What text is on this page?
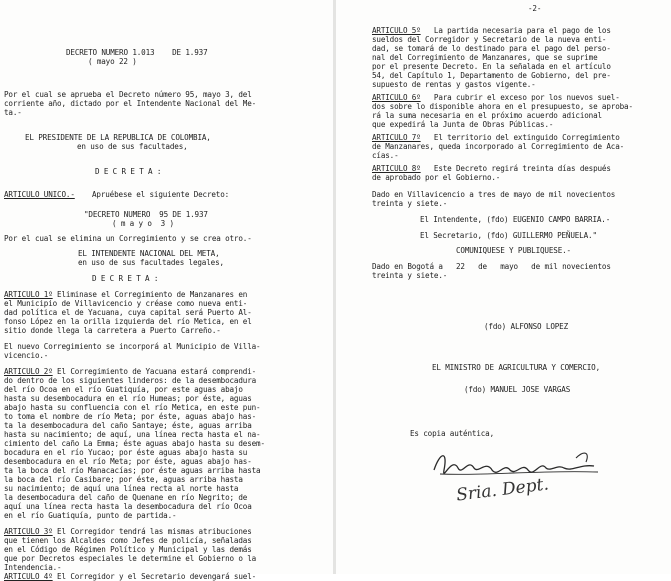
DECRETO NUMERO 1.013    DE 1.937
( mayo 22 )
Por el cual se aprueba el Decreto número 95, mayo 3, del
corriente año, dictado por el Intendente Nacional del Me-
ta.-
EL PRESIDENTE DE LA REPUBLICA DE COLOMBIA,
en uso de sus facultades,
D E C R E T A :
ARTICULO UNICO.- Apruébese el siguiente Decreto:
"DECRETO NUMERO  95 DE 1.937
( m a y o  3 )
Por el cual se elimina un Corregimiento y se crea otro.-
EL INTENDENTE NACIONAL DEL META,
en uso de sus facultades legales,
D E C R E T A :
ARTICULO 1º Eliminase el Corregimiento de Manzanares en
el Municipio de Villavicencio y créase como nueva enti-
dad política el de Yacuana, cuya capital será Puerto Al-
fonso López en la orilla izquierda del río Metica, en el
sitio donde llega la carretera a Puerto Carreño.-
El nuevo Corregimiento se incorporá al Municipio de Villa-
vicencio.-
ARTICULO 2º El Corregimiento de Yacuana estará comprendi-
do dentro de los siguientes linderos: de la desembocadura
del río Ocoa en el río Guatiquía, por este aguas abajo
hasta su desembocadura en el río Humeas; por éste, aguas
abajo hasta su confluencia con el río Metica, en este pun-
to toma el nombre de río Meta; por éste, aguas abajo has-
ta la desembocadura del caño Santaye; éste, aguas arriba
hasta su nacimiento; de aquí, una línea recta hasta el na-
cimiento del caño La Emma; éste aguas abajo hasta su desem-
bocadura en el río Yucao; por éste aguas abajo hasta su
desembocadura en el río Meta; por éste, aguas abajo has-
ta la boca del río Manacacías; por éste aguas arriba hasta
la boca del río Casibare; por éste, aguas arriba hasta
su nacimiento; de aquí una línea recta al norte hasta
la desembocadura del caño de Quenane en río Negrito; de
aquí una línea recta hasta la desembocadura del río Ocoa
en el río Guatiquía, punto de partida.-
ARTICULO 3º El Corregidor tendrá las mismas atribuciones
que tienen los Alcaldes como Jefes de policía, señaladas
en el Código de Régimen Político y Municipal y las demás
que por Decretos especiales le determine el Gobierno o la
Intendencia.-
ARTICULO 4º El Corregidor y el Secretario devengará suel-
Sria. Dept.
-2-
ARTICULO 5º   La partida necesaria para el pago de los
sueldos del Corregidor y Secretario de la nueva enti-
dad, se tomará de lo destinado para el pago del perso-
nal del Corregimiento de Manzanares, que se suprime
por el presente Decreto. En la señalada en el artículo
54, del Capítulo 1, Departamento de Gobierno, del pre-
supuesto de rentas y gastos vigente.-
ARTICULO 6º   Para cubrir el exceso por los nuevos suel-
dos sobre lo disponible ahora en el presupuesto, se aproba-
rá la suma necesaria en el próximo acuerdo adicional
que expedirá la Junta de Obras Públicas.-
ARTICULO 7º   El territorio del extinguido Corregimiento
de Manzanares, queda incorporado al Corregimiento de Aca-
cías.-
ARTICULO 8º   Este Decreto regirá treinta días después
de aprobado por el Gobierno.-
Dado en Villavicencio a tres de mayo de mil novecientos
treinta y siete.-
El Intendente, (fdo) EUGENIO CAMPO BARRIA.-
El Secretario, (fdo) GUILLERMO PEÑUELA."
COMUNIQUESE Y PUBLIQUESE.-
Dado en Bogotá a   22   de   mayo   de mil novecientos
treinta y siete.-
(fdo) ALFONSO LOPEZ
EL MINISTRO DE AGRICULTURA Y COMERCIO,
(fdo) MANUEL JOSE VARGAS
Es copia auténtica,
